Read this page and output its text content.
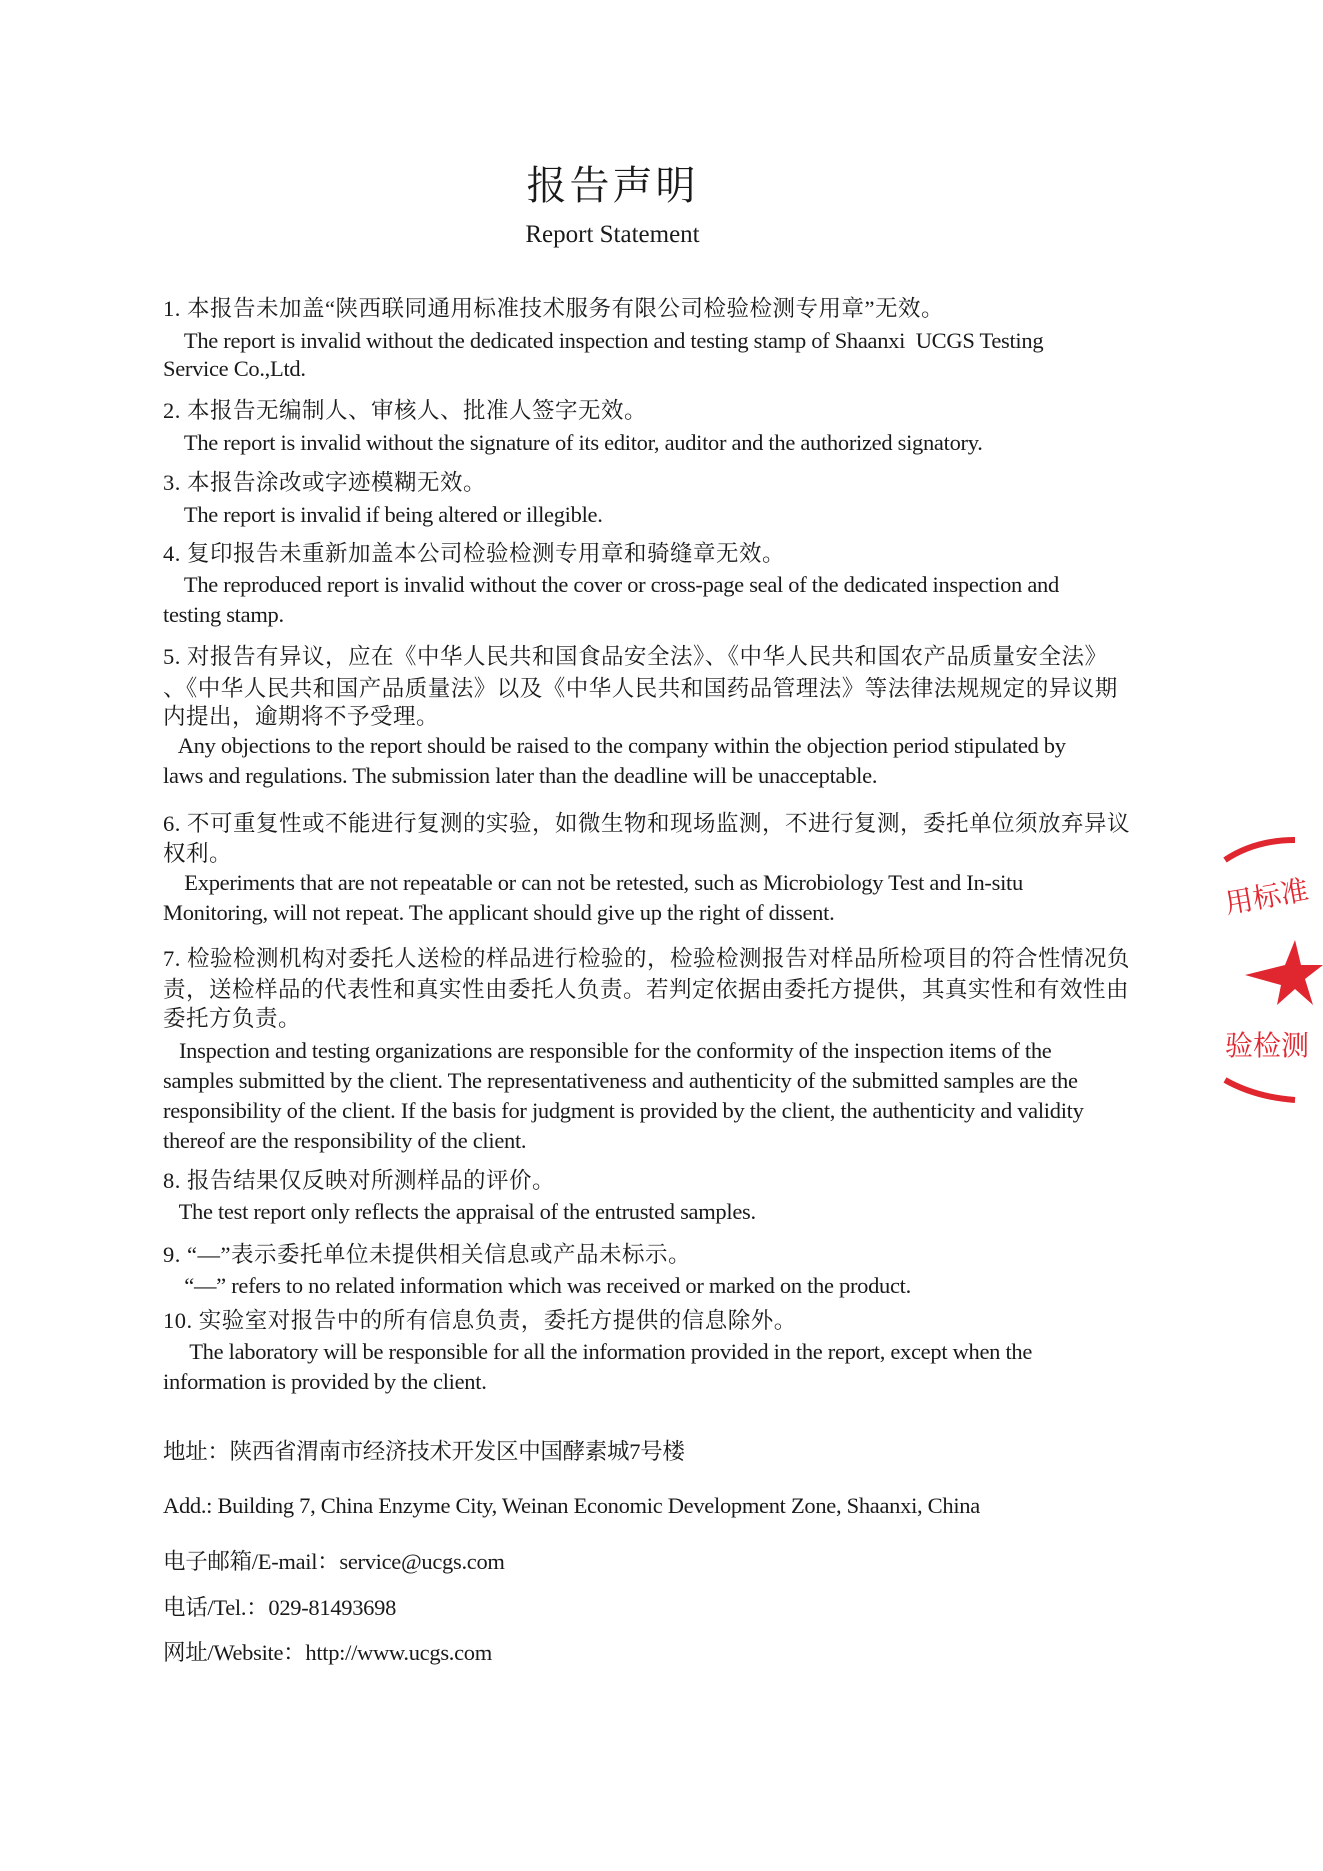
报告声明
Report Statement
1. 本报告未加盖“陕西联同通用标准技术服务有限公司检验检测专用章”无效。
The report is invalid without the dedicated inspection and testing stamp of Shaanxi  UCGS Testing
Service Co.,Ltd.
2. 本报告无编制人、审核人、批准人签字无效。
The report is invalid without the signature of its editor, auditor and the authorized signatory.
3. 本报告涂改或字迹模糊无效。
The report is invalid if being altered or illegible.
4. 复印报告未重新加盖本公司检验检测专用章和骑缝章无效。
The reproduced report is invalid without the cover or cross-page seal of the dedicated inspection and
testing stamp.
5. 对报告有异议，应在《中华人民共和国食品安全法》、《中华人民共和国农产品质量安全法》
、《中华人民共和国产品质量法》以及《中华人民共和国药品管理法》等法律法规规定的异议期
内提出，逾期将不予受理。
Any objections to the report should be raised to the company within the objection period stipulated by
laws and regulations. The submission later than the deadline will be unacceptable.
6. 不可重复性或不能进行复测的实验，如微生物和现场监测，不进行复测，委托单位须放弃异议
权利。
Experiments that are not repeatable or can not be retested, such as Microbiology Test and In-situ
Monitoring, will not repeat. The applicant should give up the right of dissent.
7. 检验检测机构对委托人送检的样品进行检验的，检验检测报告对样品所检项目的符合性情况负
责，送检样品的代表性和真实性由委托人负责。若判定依据由委托方提供，其真实性和有效性由
委托方负责。
Inspection and testing organizations are responsible for the conformity of the inspection items of the
samples submitted by the client. The representativeness and authenticity of the submitted samples are the
responsibility of the client. If the basis for judgment is provided by the client, the authenticity and validity
thereof are the responsibility of the client.
8. 报告结果仅反映对所测样品的评价。
The test report only reflects the appraisal of the entrusted samples.
9. “—”表示委托单位未提供相关信息或产品未标示。
“—” refers to no related information which was received or marked on the product.
10. 实验室对报告中的所有信息负责，委托方提供的信息除外。
The laboratory will be responsible for all the information provided in the report, except when the
information is provided by the client.
地址：陕西省渭南市经济技术开发区中国酵素城7号楼
Add.: Building 7, China Enzyme City, Weinan Economic Development Zone, Shaanxi, China
电子邮箱/E-mail：service@ucgs.com
电话/Tel.：029-81493698
网址/Website：http://www.ucgs.com
用标准
验检测
